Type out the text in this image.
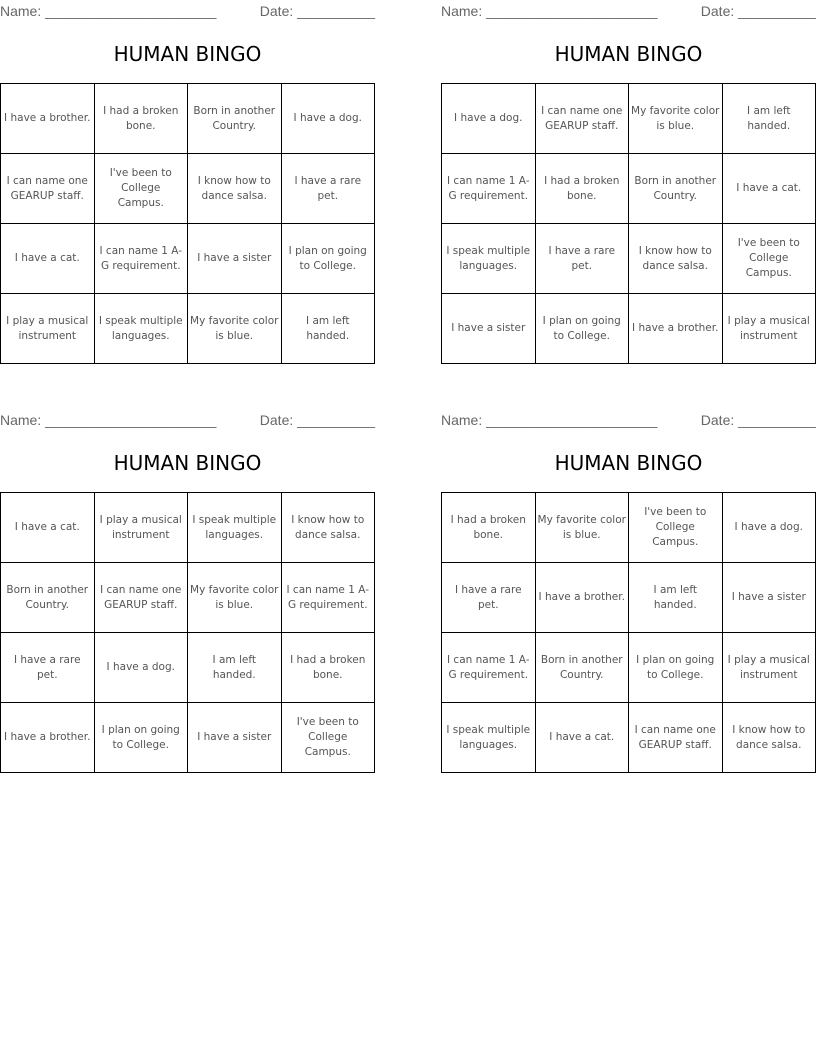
Name: ______________________	Date: __________
HUMAN BINGO
I have a brother.	I had a broken bone.	Born in another Country.	I have a dog.
I can name one GEARUP staff.	I've been to College Campus.	I know how to dance salsa.	I have a rare pet.
I have a cat.	I can name 1 A-G requirement.	I have a sister	I plan on going to College.
I play a musical instrument	I speak multiple languages.	My favorite color is blue.	I am left handed.
Name: ______________________	Date: __________
HUMAN BINGO
I have a dog.	I can name one GEARUP staff.	My favorite color is blue.	I am left handed.
I can name 1 A-G requirement.	I had a broken bone.	Born in another Country.	I have a cat.
I speak multiple languages.	I have a rare pet.	I know how to dance salsa.	I've been to College Campus.
I have a sister	I plan on going to College.	I have a brother.	I play a musical instrument
Name: ______________________	Date: __________
HUMAN BINGO
I have a cat.	I play a musical instrument	I speak multiple languages.	I know how to dance salsa.
Born in another Country.	I can name one GEARUP staff.	My favorite color is blue.	I can name 1 A-G requirement.
I have a rare pet.	I have a dog.	I am left handed.	I had a broken bone.
I have a brother.	I plan on going to College.	I have a sister	I've been to College Campus.
Name: ______________________	Date: __________
HUMAN BINGO
I had a broken bone.	My favorite color is blue.	I've been to College Campus.	I have a dog.
I have a rare pet.	I have a brother.	I am left handed.	I have a sister
I can name 1 A-G requirement.	Born in another Country.	I plan on going to College.	I play a musical instrument
I speak multiple languages.	I have a cat.	I can name one GEARUP staff.	I know how to dance salsa.
